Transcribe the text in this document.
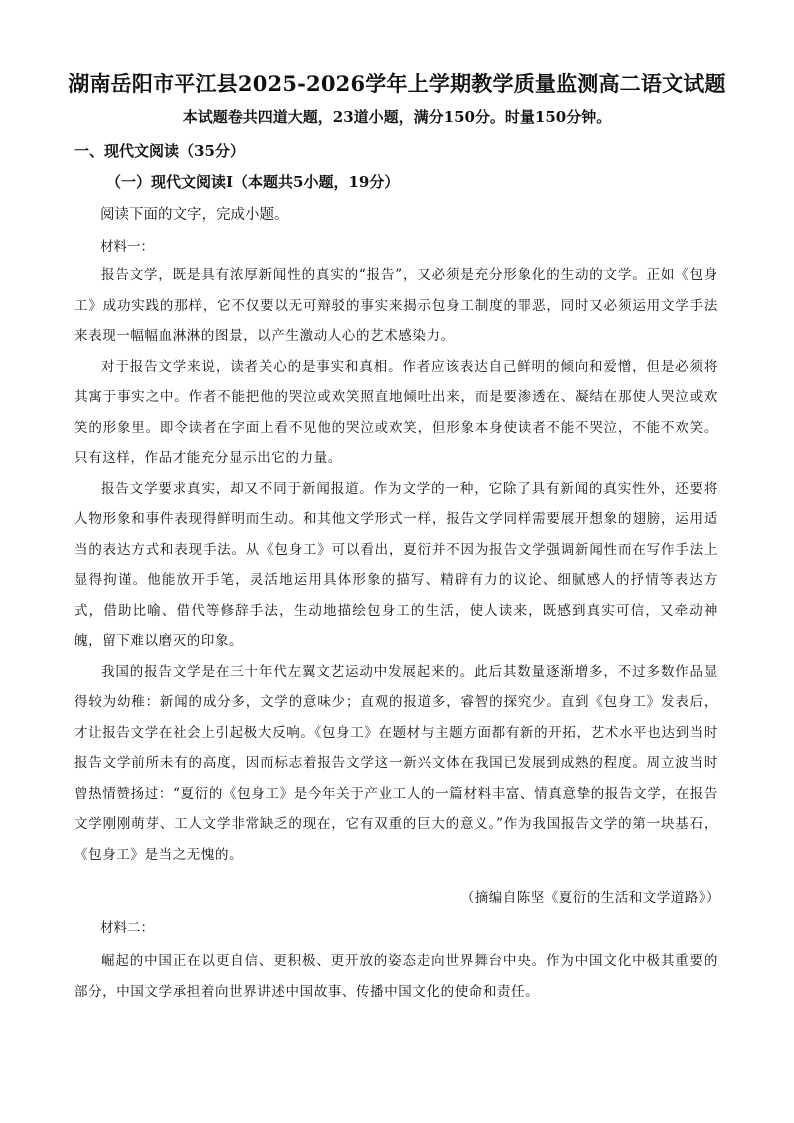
湖南岳阳市平江县2025-2026学年上学期教学质量监测高二语文试题
本试题卷共四道大题，23道小题，满分150分。时量150分钟。
一、现代文阅读（35分）
（一）现代文阅读Ⅰ（本题共5小题，19分）
阅读下面的文字，完成小题。
材料一：

报告文学，既是具有浓厚新闻性的真实的“报告”，又必须是充分形象化的生动的文学。正如《包身工》成功实践的那样，它不仅要以无可辩驳的事实来揭示包身工制度的罪恶，同时又必须运用文学手法来表现一幅幅血淋淋的图景，以产生激动人心的艺术感染力。

对于报告文学来说，读者关心的是事实和真相。作者应该表达自己鲜明的倾向和爱憎，但是必须将其寓于事实之中。作者不能把他的哭泣或欢笑照直地倾吐出来，而是要渗透在、凝结在那使人哭泣或欢笑的形象里。即令读者在字面上看不见他的哭泣或欢笑，但形象本身使读者不能不哭泣，不能不欢笑。只有这样，作品才能充分显示出它的力量。

报告文学要求真实，却又不同于新闻报道。作为文学的一种，它除了具有新闻的真实性外，还要将人物形象和事件表现得鲜明而生动。和其他文学形式一样，报告文学同样需要展开想象的翅膀，运用适当的表达方式和表现手法。从《包身工》可以看出，夏衍并不因为报告文学强调新闻性而在写作手法上显得拘谨。他能放开手笔，灵活地运用具体形象的描写、精辟有力的议论、细腻感人的抒情等表达方式，借助比喻、借代等修辞手法，生动地描绘包身工的生活，使人读来，既感到真实可信，又牵动神魄，留下难以磨灭的印象。

我国的报告文学是在三十年代左翼文艺运动中发展起来的。此后其数量逐渐增多，不过多数作品显得较为幼稚：新闻的成分多，文学的意味少；直观的报道多，睿智的探究少。直到《包身工》发表后，才让报告文学在社会上引起极大反响。《包身工》在题材与主题方面都有新的开拓，艺术水平也达到当时报告文学前所未有的高度，因而标志着报告文学这一新兴文体在我国已发展到成熟的程度。周立波当时曾热情赞扬过：“夏衍的《包身工》是今年关于产业工人的一篇材料丰富、情真意挚的报告文学，在报告文学刚刚萌芽、工人文学非常缺乏的现在，它有双重的巨大的意义。”作为我国报告文学的第一块基石，《包身工》是当之无愧的。

（摘编自陈坚《夏衍的生活和文学道路》）
材料二：

崛起的中国正在以更自信、更积极、更开放的姿态走向世界舞台中央。作为中国文化中极其重要的部分，中国文学承担着向世界讲述中国故事、传播中国文化的使命和责任。
